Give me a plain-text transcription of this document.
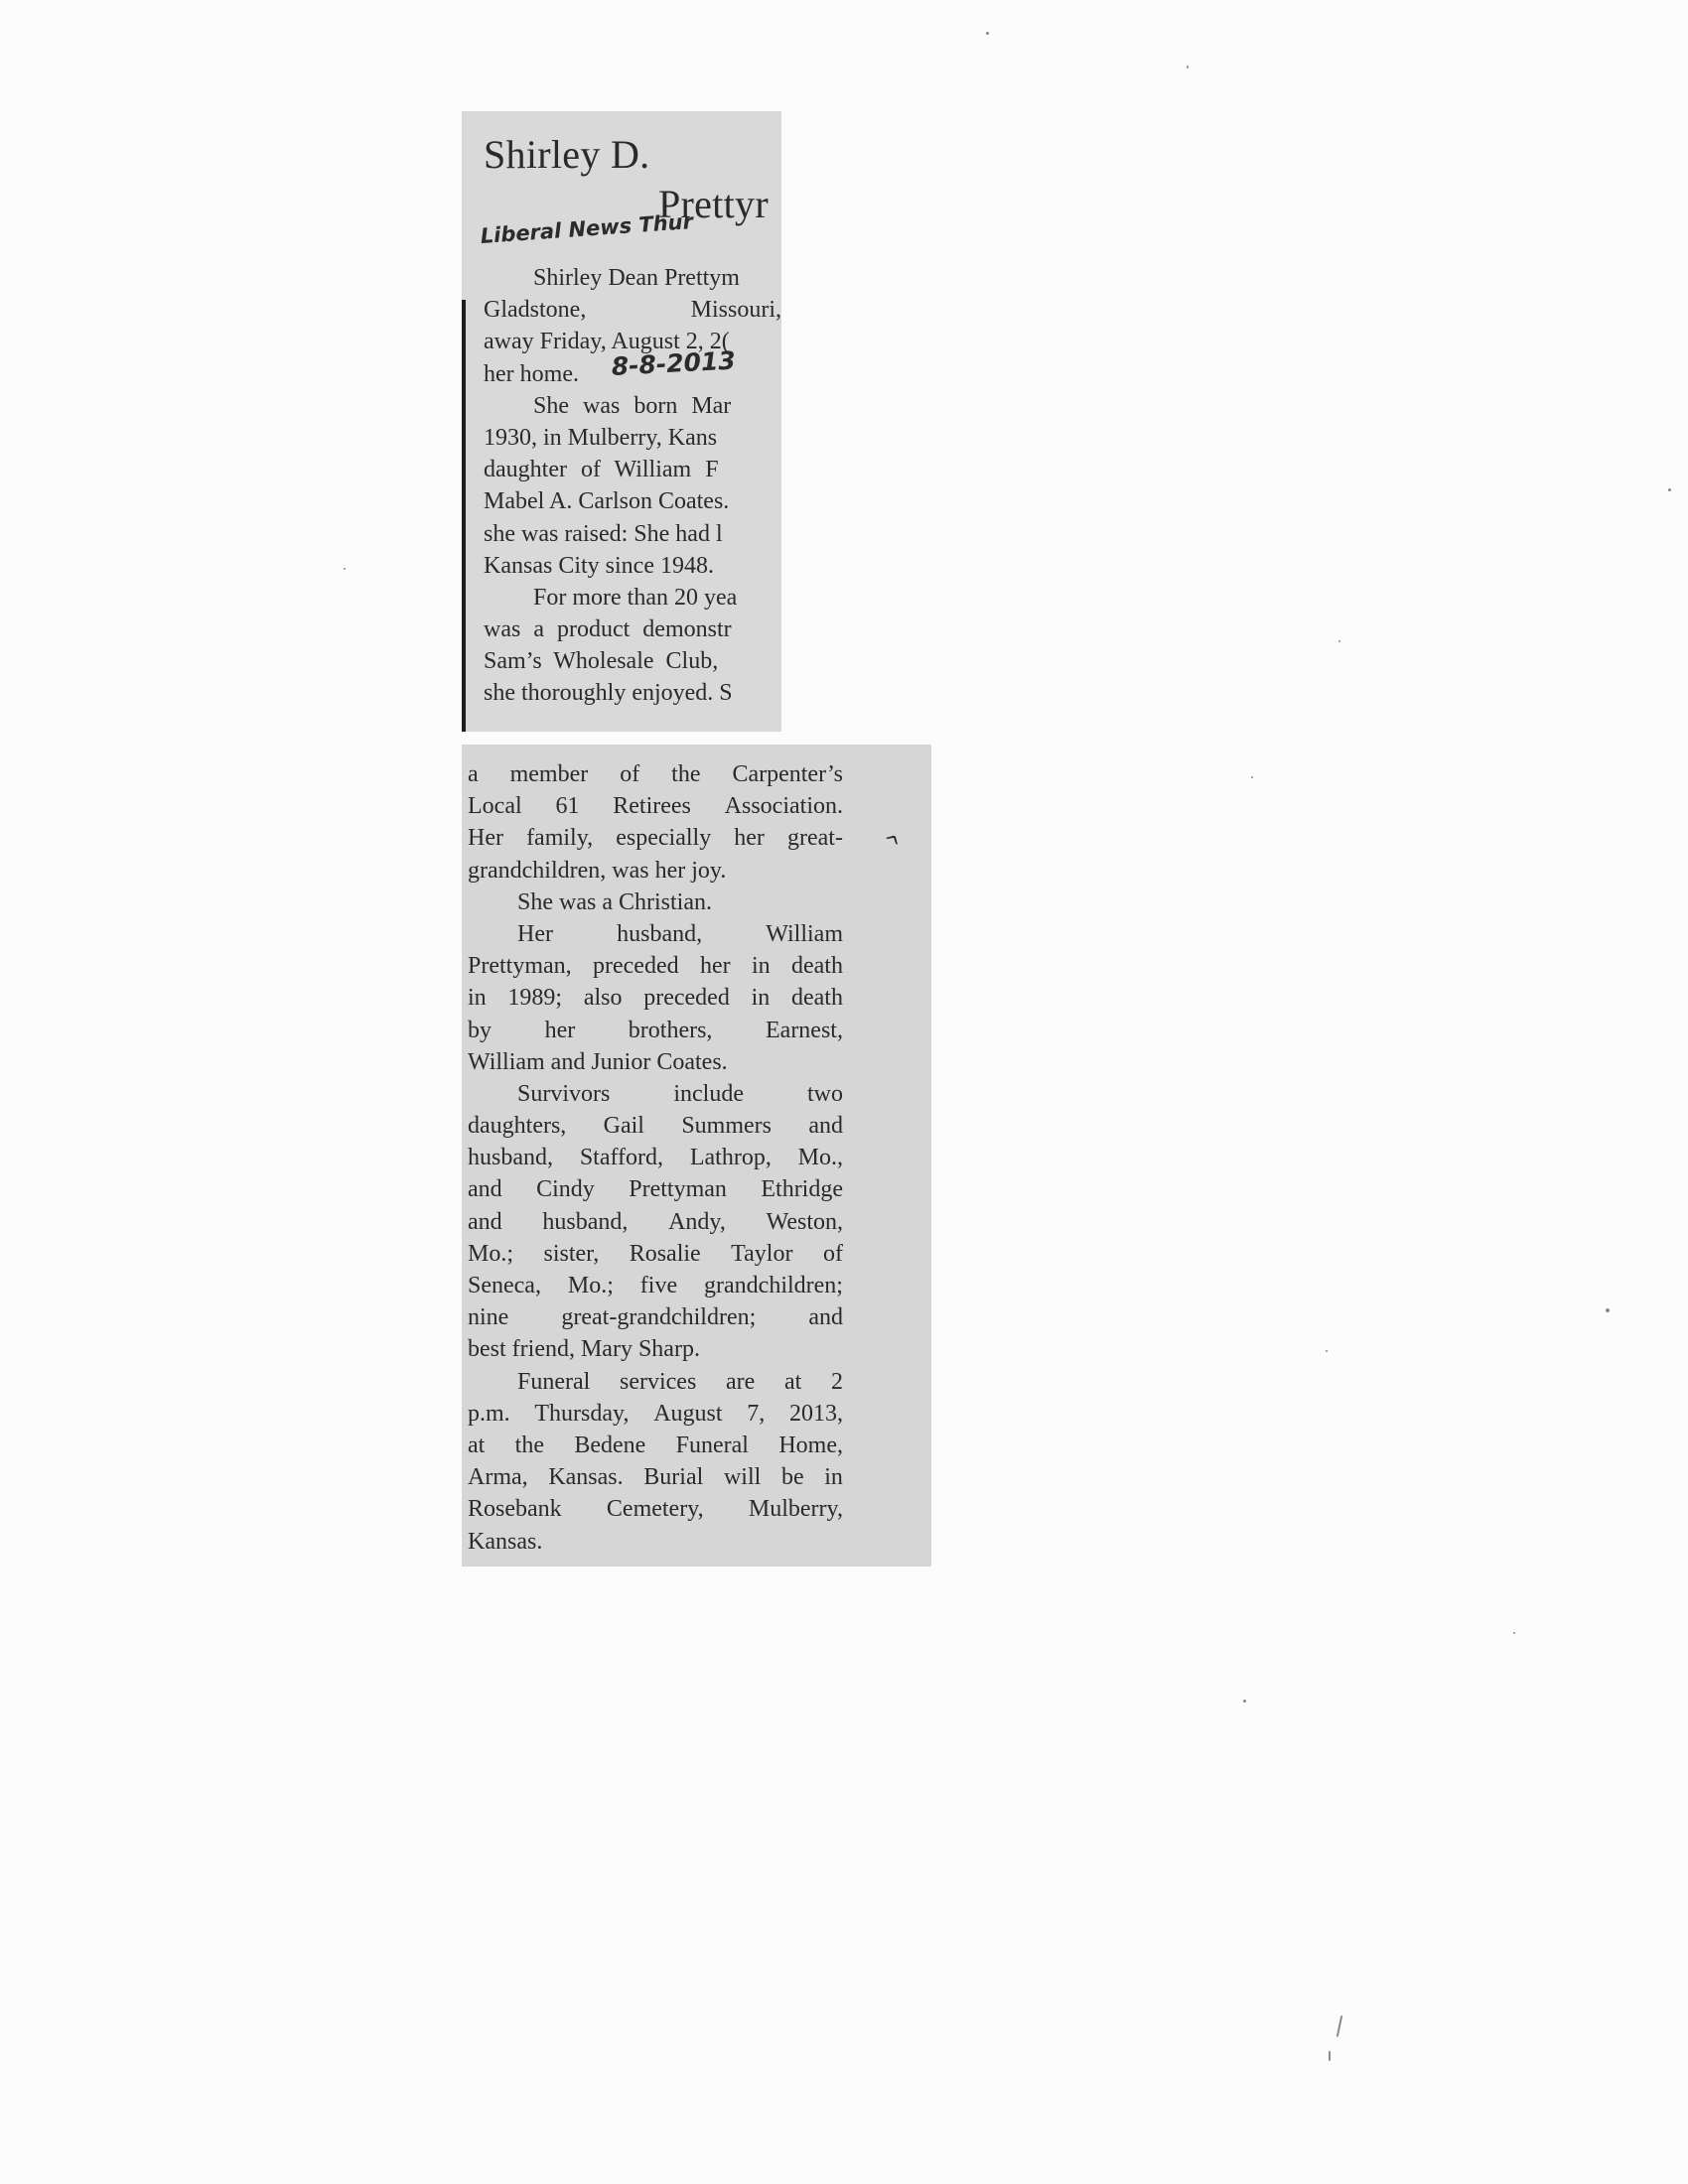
Shirley D.
Prettyr
Liberal News Thur
8-8-2013
Shirley Dean Prettym
Gladstone,	Missouri,
away Friday, August 2, 2(
her home.
She was born Mar
1930, in Mulberry, Kans
daughter of William F
Mabel A. Carlson Coates.
she was raised: She had l
Kansas City since 1948.
For more than 20 yea
was a product demonstr
Sam’s Wholesale Club,
she thoroughly enjoyed. S
a member of the Carpenter’s
Local 61 Retirees Association.
Her family, especially her great-
grandchildren, was her joy.
She was a Christian.
Her	husband,	William
Prettyman, preceded her in death
in 1989; also preceded in death
by her brothers, Earnest,
William and Junior Coates.
Survivors	include	two
daughters, Gail Summers and
husband, Stafford, Lathrop, Mo.,
and Cindy Prettyman Ethridge
and husband, Andy, Weston,
Mo.; sister, Rosalie Taylor of
Seneca, Mo.; five grandchildren;
nine great-grandchildren; and
best friend, Mary Sharp.
Funeral services are at 2
p.m. Thursday, August 7, 2013,
at the Bedene Funeral Home,
Arma, Kansas. Burial will be in
Rosebank Cemetery, Mulberry,
Kansas.
^
